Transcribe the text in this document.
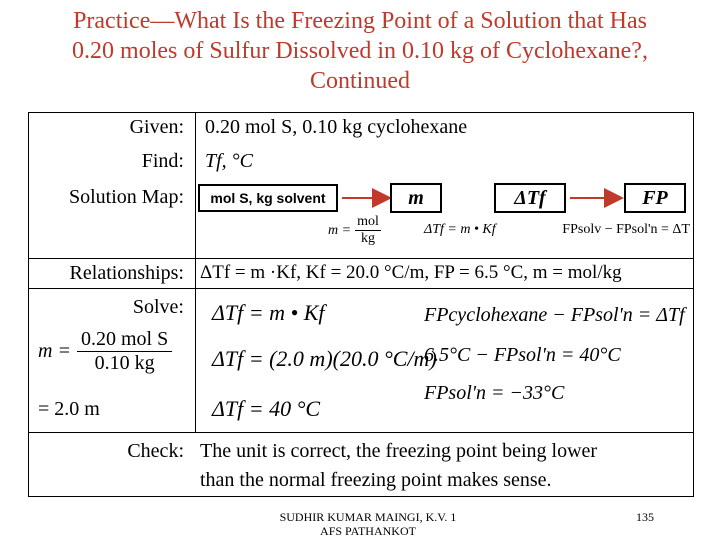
Practice—What Is the Freezing Point of a Solution that Has
0.20 moles of Sulfur Dissolved in 0.10 kg of Cyclohexane?,
Continued
Given: 0.20 mol S, 0.10 kg cyclohexane
Find: Tf, °C
Solution Map:	mol S, kg solvent	m	ΔTf	FP
m =
mol
kg
ΔTf = m • Kf	FPsolv − FPsol'n = ΔT
Relationships: ΔTf = m ·Kf, Kf = 20.0 °C/m, FP = 6.5 °C, m = mol/kg
Solve:
m =
0.20 mol S
0.10 kg
= 2.0 m
ΔTf = m • Kf
ΔTf = (2.0 m)(20.0 °C/m)
ΔTf = 40 °C
FPcyclohexane − FPsol'n = ΔTf
6.5°C − FPsol'n = 40°C
FPsol'n = −33°C
Check: The unit is correct, the freezing point being lower
than the normal freezing point makes sense.
SUDHIR KUMAR MAINGI, K.V. 1
AFS PATHANKOT
135
